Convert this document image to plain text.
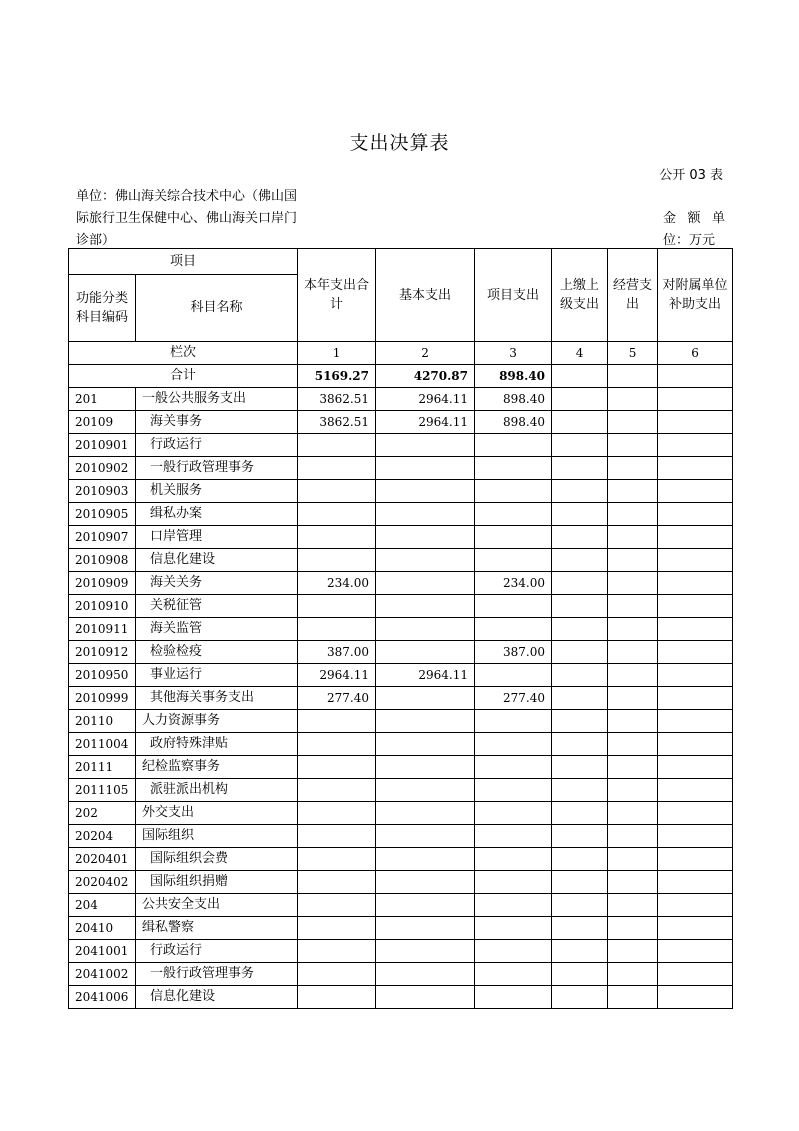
支出决算表
公开 03 表
单位：佛山海关综合技术中心（佛山国际旅行卫生保健中心、佛山海关口岸门诊部）
金额单
位：万元
项目		本年支出合计	基本支出	项目支出	上缴上级支出	经营支出	对附属单位补助支出
功能分类科目编码	科目名称						
栏次		1	2	3	4	5	6
合计		5169.27	4270.87	898.40			
201	一般公共服务支出	3862.51	2964.11	898.40			
20109	海关事务	3862.51	2964.11	898.40			
2010901	行政运行						
2010902	一般行政管理事务						
2010903	机关服务						
2010905	缉私办案						
2010907	口岸管理						
2010908	信息化建设						
2010909	海关关务	234.00		234.00			
2010910	关税征管						
2010911	海关监管						
2010912	检验检疫	387.00		387.00			
2010950	事业运行	2964.11	2964.11				
2010999	其他海关事务支出	277.40		277.40			
20110	人力资源事务						
2011004	政府特殊津贴						
20111	纪检监察事务						
2011105	派驻派出机构						
202	外交支出						
20204	国际组织						
2020401	国际组织会费						
2020402	国际组织捐赠						
204	公共安全支出						
20410	缉私警察						
2041001	行政运行						
2041002	一般行政管理事务						
2041006	信息化建设						
